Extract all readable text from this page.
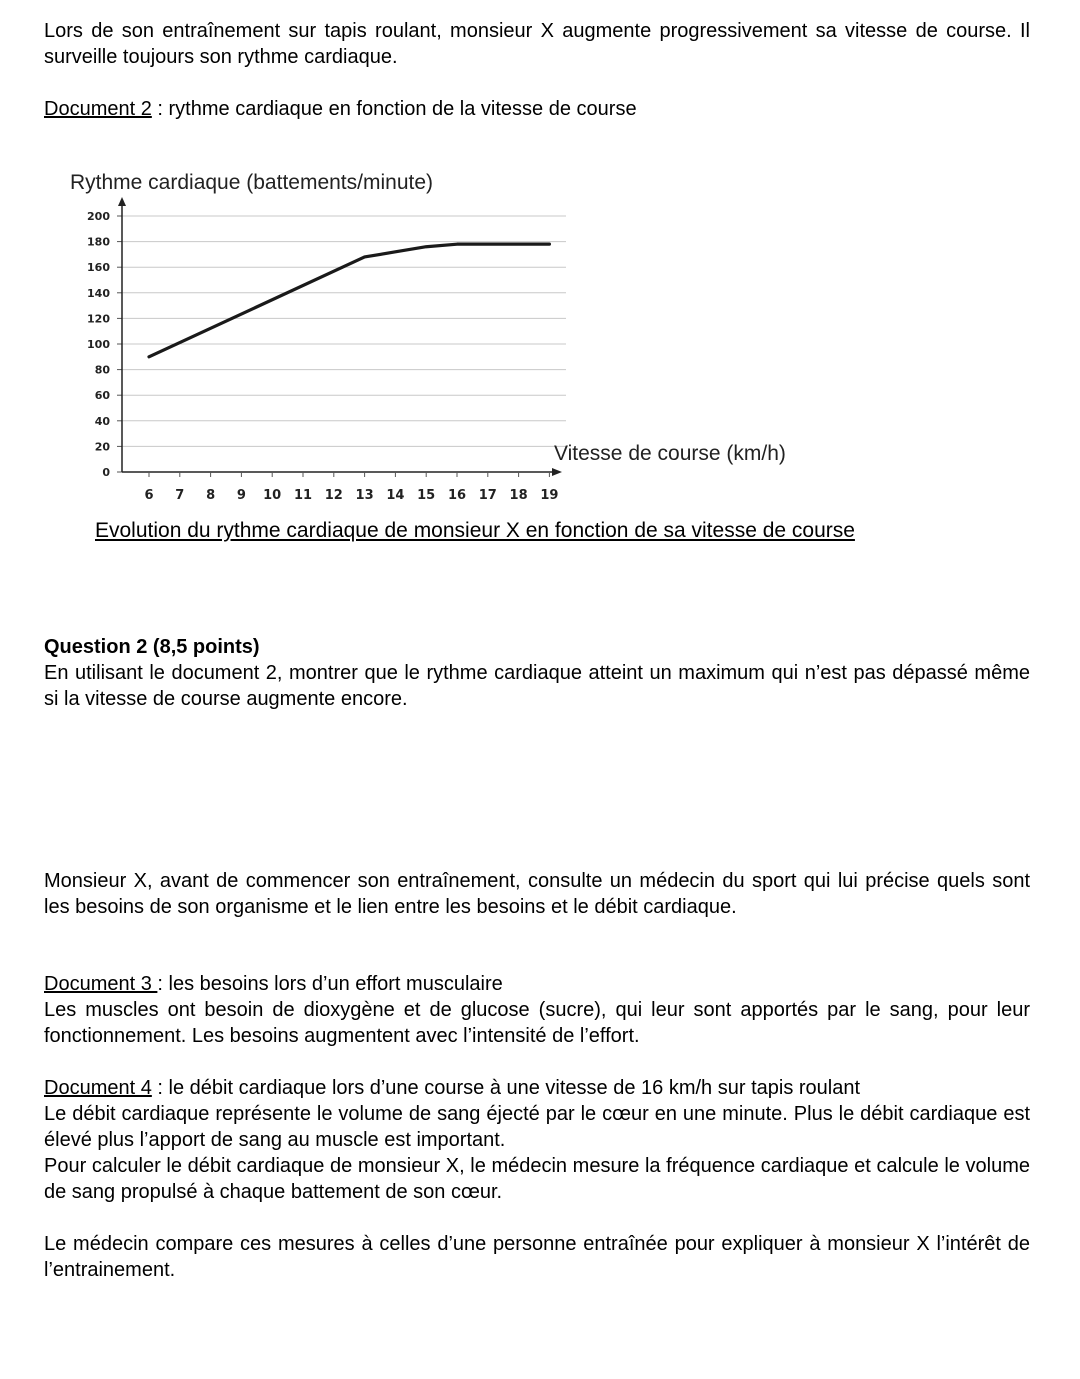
Lors de son entraînement sur tapis roulant, monsieur X augmente progressivement sa vitesse de course. Il surveille toujours son rythme cardiaque.

Document 2 : rythme cardiaque en fonction de la vitesse de course

0
20
40
60
80
100
120
140
160
180
200
6 7 8 9 10 11 12 13 14 15 16 17 18 19
Rythme cardiaque (battements/minute)
Vitesse de course (km/h)

Evolution du rythme cardiaque de monsieur X en fonction de sa vitesse de course

Question 2 (8,5 points)

En utilisant le document 2, montrer que le rythme cardiaque atteint un maximum qui n’est pas dépassé même si la vitesse de course augmente encore.

Monsieur X, avant de commencer son entraînement, consulte un médecin du sport qui lui précise quels sont les besoins de son organisme et le lien entre les besoins et le débit cardiaque.

Document 3 : les besoins lors d’un effort musculaire

Les muscles ont besoin de dioxygène et de glucose (sucre), qui leur sont apportés par le sang, pour leur fonctionnement. Les besoins augmentent avec l’intensité de l’effort.

Document 4 : le débit cardiaque lors d’une course à une vitesse de 16 km/h sur tapis roulant

Le débit cardiaque représente le volume de sang éjecté par le cœur en une minute. Plus le débit cardiaque est élevé plus l’apport de sang au muscle est important.

Pour calculer le débit cardiaque de monsieur X, le médecin mesure la fréquence cardiaque et calcule le volume de sang propulsé à chaque battement de son cœur.

Le médecin compare ces mesures à celles d’une personne entraînée pour expliquer à monsieur X l’intérêt de l’entrainement.
